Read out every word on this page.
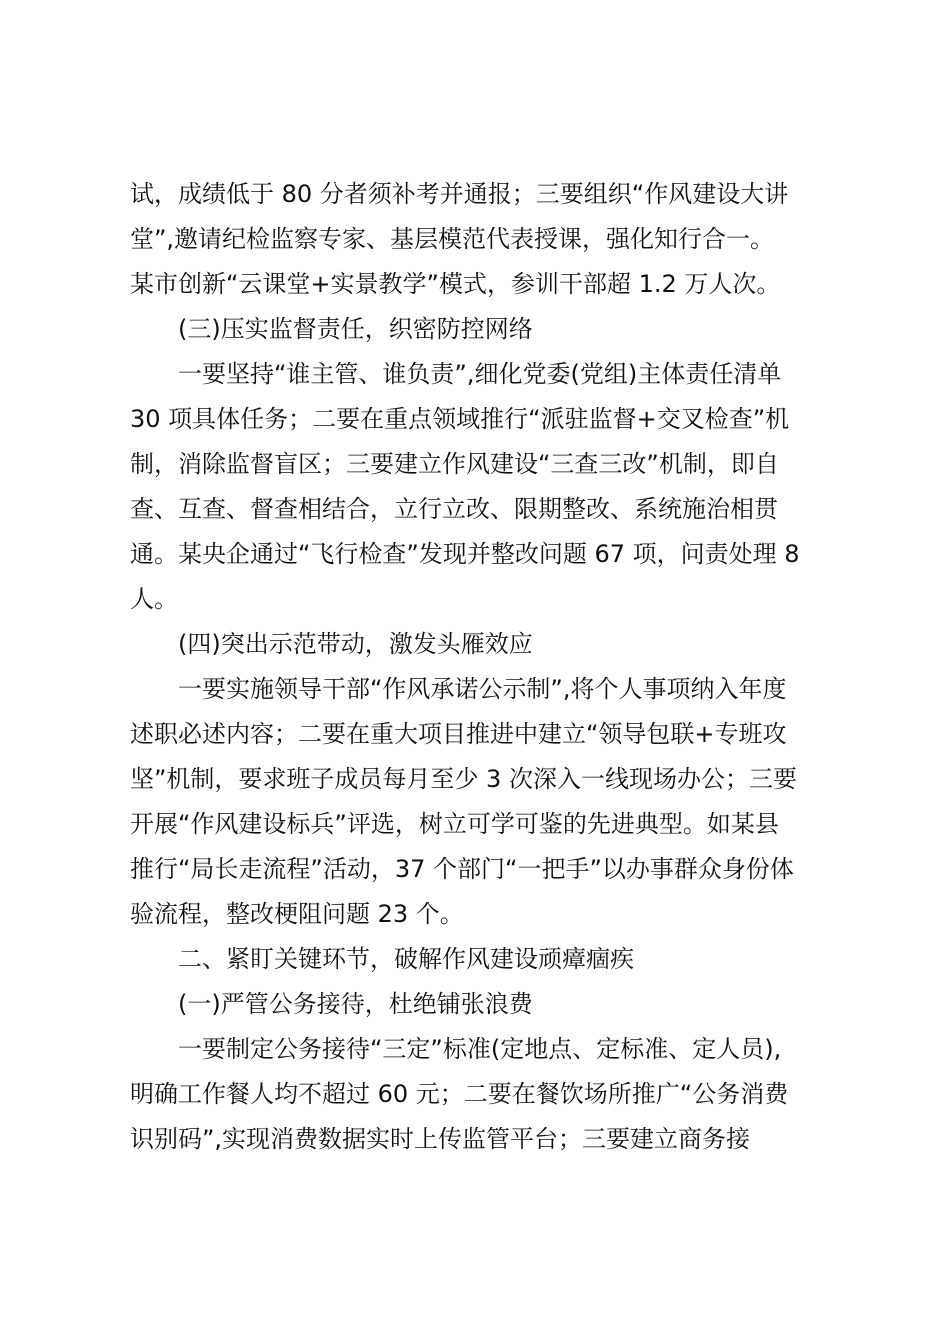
试，成绩低于 80 分者须补考并通报；三要组织“作风建设大讲
堂”,邀请纪检监察专家、基层模范代表授课，强化知行合一。
某市创新“云课堂+实景教学”模式，参训干部超 1.2 万人次。
(三)压实监督责任，织密防控网络
一要坚持“谁主管、谁负责”,细化党委(党组)主体责任清单
30 项具体任务；二要在重点领域推行“派驻监督+交叉检查”机
制，消除监督盲区；三要建立作风建设“三查三改”机制，即自
查、互查、督查相结合，立行立改、限期整改、系统施治相贯
通。某央企通过“飞行检查”发现并整改问题 67 项，问责处理 8
人。
(四)突出示范带动，激发头雁效应
一要实施领导干部“作风承诺公示制”,将个人事项纳入年度
述职必述内容；二要在重大项目推进中建立“领导包联+专班攻
坚”机制，要求班子成员每月至少 3 次深入一线现场办公；三要
开展“作风建设标兵”评选，树立可学可鉴的先进典型。如某县
推行“局长走流程”活动，37 个部门“一把手”以办事群众身份体
验流程，整改梗阻问题 23 个。
二、紧盯关键环节，破解作风建设顽瘴痼疾
(一)严管公务接待，杜绝铺张浪费
一要制定公务接待“三定”标准(定地点、定标准、定人员),
明确工作餐人均不超过 60 元；二要在餐饮场所推广“公务消费
识别码”,实现消费数据实时上传监管平台；三要建立商务接
